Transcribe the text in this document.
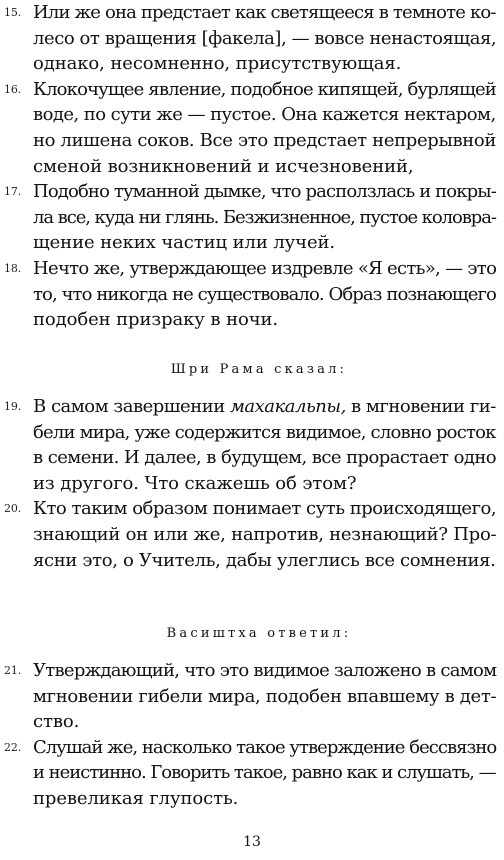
15. Или же она предстает как светящееся в темноте ко-
лесо от вращения [факела], — вовсе ненастоящая,
однако, несомненно, присутствующая.
16. Клокочущее явление, подобное кипящей, бурлящей
воде, по сути же — пустое. Она кажется нектаром,
но лишена соков. Все это предстает непрерывной
сменой возникновений и исчезновений,
17. Подобно туманной дымке, что расползлась и покры-
ла все, куда ни глянь. Безжизненное, пустое коловра-
щение неких частиц или лучей.
18. Нечто же, утверждающее издревле «Я есть», — это
то, что никогда не существовало. Образ познающего
подобен призраку в ночи.
Шри Рама сказал:
19. В самом завершении махакальпы, в мгновении ги-
бели мира, уже содержится видимое, словно росток
в семени. И далее, в будущем, все прорастает одно
из другого. Что скажешь об этом?
20. Кто таким образом понимает суть происходящего,
знающий он или же, напротив, незнающий? Про-
ясни это, о Учитель, дабы улеглись все сомнения.
Васиштха ответил:
21. Утверждающий, что это видимое заложено в самом
мгновении гибели мира, подобен впавшему в дет-
ство.
22. Слушай же, насколько такое утверждение бессвязно
и неистинно. Говорить такое, равно как и слушать, —
превеликая глупость.
13
